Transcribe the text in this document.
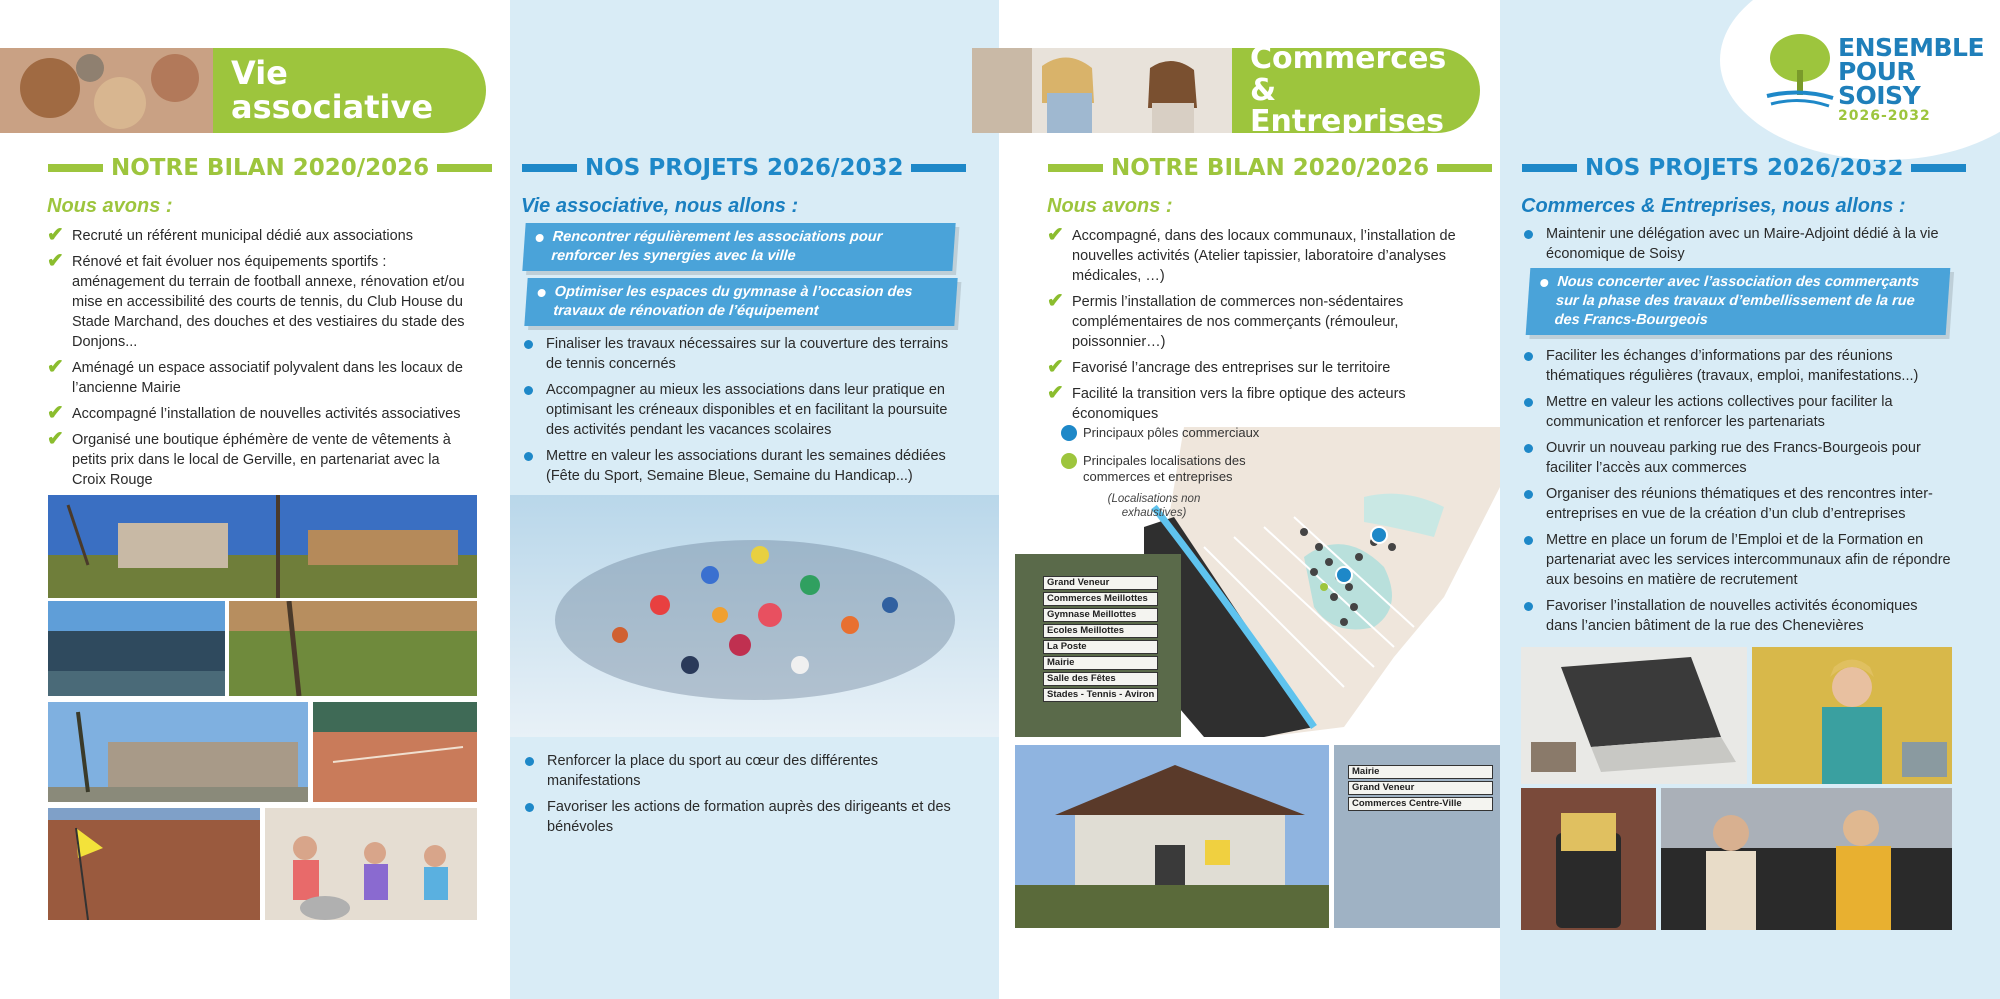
Vie associative
NOTRE BILAN 2020/2026
Nous avons :
✔ Recruté un référent municipal dédié aux associations
✔ Rénové et fait évoluer nos équipements sportifs : aménagement du terrain de football annexe, rénovation et/ou mise en accessibilité des courts de tennis, du Club House du Stade Marchand, des douches et des vestiaires du stade des Donjons...
✔ Aménagé un espace associatif polyvalent dans les locaux de l’ancienne Mairie
✔ Accompagné l’installation de nouvelles activités associatives
✔ Organisé une boutique éphémère de vente de vêtements à petits prix dans le local de Gerville, en partenariat avec la Croix Rouge
NOS PROJETS 2026/2032
Vie associative, nous allons :
Rencontrer régulièrement les associations pour renforcer les synergies avec la ville
Optimiser les espaces du gymnase à l’occasion des travaux de rénovation de l’équipement
Finaliser les travaux nécessaires sur la couverture des terrains de tennis concernés
Accompagner au mieux les associations dans leur pratique en optimisant les créneaux disponibles et en facilitant la poursuite des activités pendant les vacances scolaires
Mettre en valeur les associations durant les semaines dédiées (Fête du Sport, Semaine Bleue, Semaine du Handicap...)
Renforcer la place du sport au cœur des différentes manifestations
Favoriser les actions de formation auprès des dirigeants et des bénévoles
Commerces
& Entreprises
NOTRE BILAN 2020/2026
Nous avons :
✔ Accompagné, dans des locaux communaux, l’installation de nouvelles activités (Atelier tapissier, laboratoire d’analyses médicales, …)
✔ Permis l’installation de commerces non-sédentaires complémentaires de nos commerçants (rémouleur, poissonnier…)
✔ Favorisé l’ancrage des entreprises sur le territoire
✔ Facilité la transition vers la fibre optique des acteurs économiques
Principaux pôles commerciaux
Principales localisations des commerces et entreprises
(Localisations non exhaustives)
Grand Veneur
Commerces Meillottes
Gymnase Meillottes
Ecoles Meillottes
La Poste
Mairie
Salle des Fêtes
Stades - Tennis - Aviron
Mairie
Grand Veneur
Commerces Centre-Ville
NOS PROJETS 2026/2032
Commerces & Entreprises, nous allons :
Maintenir une délégation avec un Maire-Adjoint dédié à la vie économique de Soisy
Nous concerter avec l’association des commerçants sur la phase des travaux d’embellissement de la rue des Francs-Bourgeois
Faciliter les échanges d’informations par des réunions thématiques régulières (travaux, emploi, manifestations...)
Mettre en valeur les actions collectives pour faciliter la communication et renforcer les partenariats
Ouvrir un nouveau parking rue des Francs-Bourgeois pour faciliter l’accès aux commerces
Organiser des réunions thématiques et des rencontres inter-entreprises en vue de la création d’un club d’entreprises
Mettre en place un forum de l’Emploi et de la Formation en partenariat avec les services intercommunaux afin de répondre aux besoins en matière de recrutement
Favoriser l’installation de nouvelles activités économiques dans l’ancien bâtiment de la rue des Chenevières
ENSEMBLE
POUR SOISY
2026-2032
